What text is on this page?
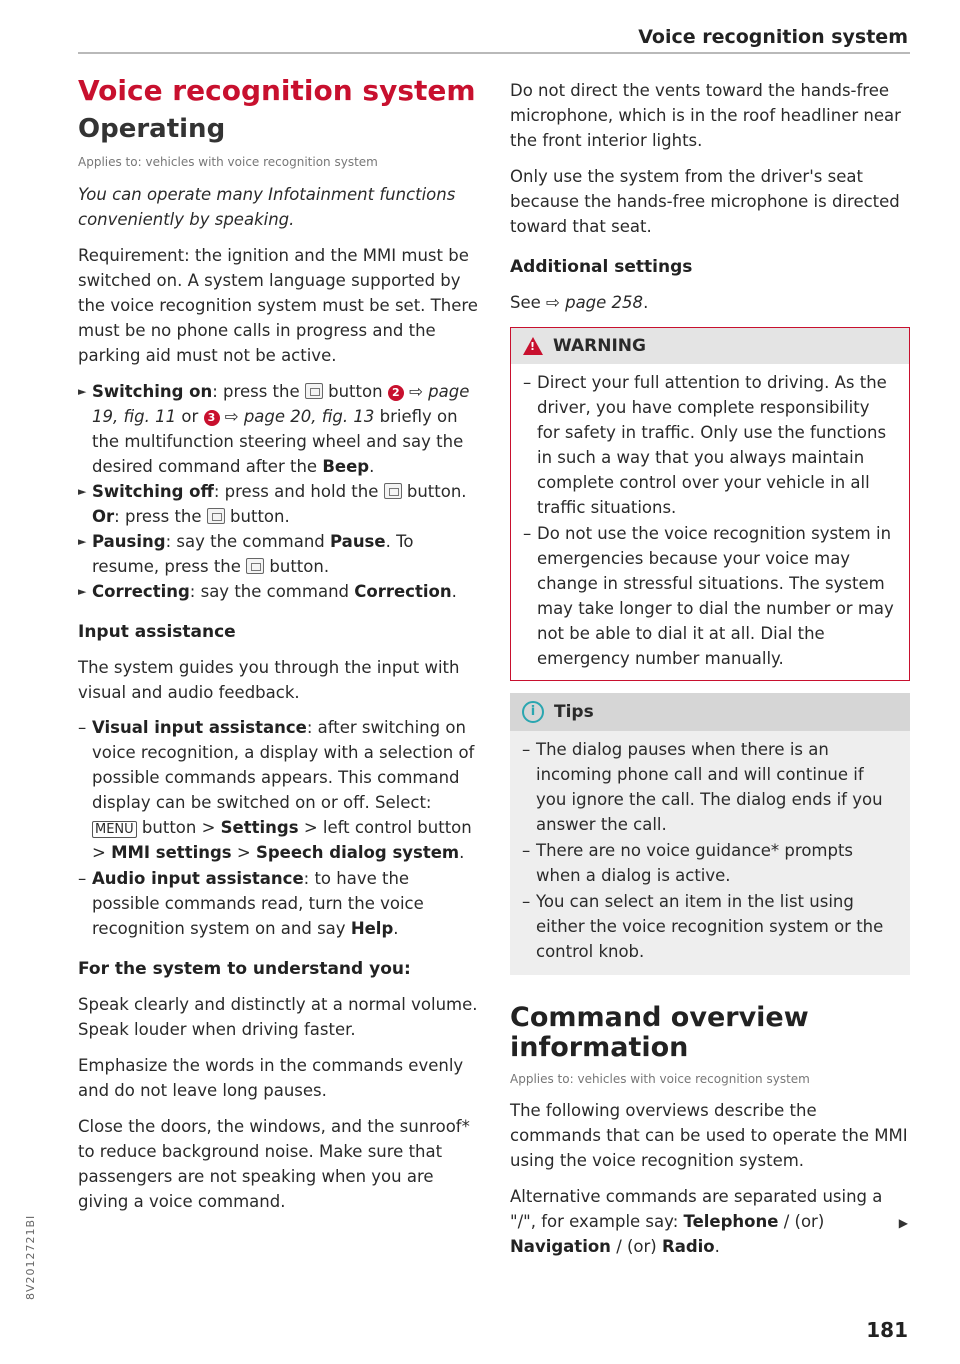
Voice recognition system
Voice recognition system
Operating
Applies to: vehicles with voice recognition system
You can operate many Infotainment functions conveniently by speaking.

Requirement: the ignition and the MMI must be switched on. A system language supported by the voice recognition system must be set. There must be no phone calls in progress and the parking aid must not be active.

► Switching on: press the button 2 ⇨ page 19, fig. 11 or 3 ⇨ page 20, fig. 13 briefly on the multifunction steering wheel and say the desired command after the Beep.
► Switching off: press and hold the button.
Or: press the button.
► Pausing: say the command Pause. To resume, press the button.
► Correcting: say the command Correction.
Input assistance

The system guides you through the input with visual and audio feedback.

– Visual input assistance: after switching on voice recognition, a display with a selection of possible commands appears. This command display can be switched on or off. Select: MENU button > Settings > left control button > MMI settings > Speech dialog system.
– Audio input assistance: to have the possible commands read, turn the voice recognition system on and say Help.
For the system to understand you:

Speak clearly and distinctly at a normal volume. Speak louder when driving faster.

Emphasize the words in the commands evenly and do not leave long pauses.

Close the doors, the windows, and the sunroof* to reduce background noise. Make sure that passengers are not speaking when you are giving a voice command.

Do not direct the vents toward the hands-free microphone, which is in the roof headliner near the front interior lights.

Only use the system from the driver's seat because the hands-free microphone is directed toward that seat.

Additional settings

See ⇨ page 258.

! WARNING
– Direct your full attention to driving. As the driver, you have complete responsibility for safety in traffic. Only use the functions in such a way that you always maintain complete control over your vehicle in all traffic situations.
– Do not use the voice recognition system in emergencies because your voice may change in stressful situations. The system may take longer to dial the number or may not be able to dial it at all. Dial the emergency number manually.
i	Tips
– The dialog pauses when there is an incoming phone call and will continue if you ignore the call. The dialog ends if you answer the call.
– There are no voice guidance* prompts when a dialog is active.
– You can select an item in the list using either the voice recognition system or the control knob.
Command overview information
Applies to: vehicles with voice recognition system

The following overviews describe the commands that can be used to operate the MMI using the voice recognition system.

Alternative commands are separated using a "/", for example say: Telephone / (or) Navigation / (or) Radio.

▶
181
8V2012721BI
